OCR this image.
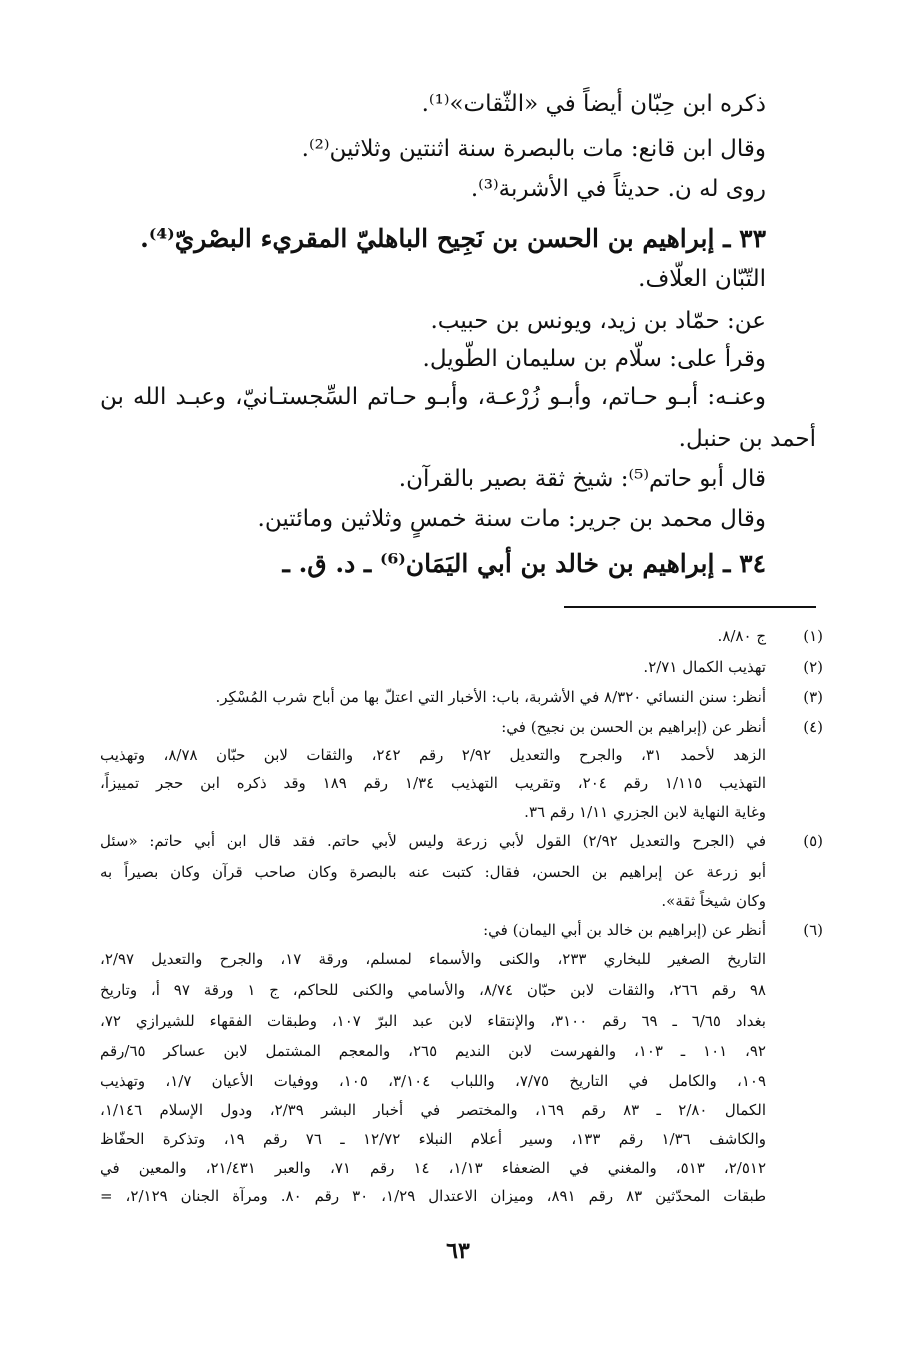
ذكره ابن حِبّان أيضاً في «الثّقات»⁽¹⁾.
وقال ابن قانع: مات بالبصرة سنة اثنتين وثلاثين⁽²⁾.
روى له ن. حديثاً في الأشربة⁽³⁾.
٣٣ ـ إبراهيم بن الحسن بن نَجِيح الباهليّ المقريء البصْريّ⁽⁴⁾.
التّبّان العلّاف.
عن: حمّاد بن زيد، ويونس بن حبيب.
وقرأ على: سلّام بن سليمان الطّويل.
وعنـه: أبـو حـاتم، وأبـو زُرْعـة، وأبـو حـاتم السِّجستـانيّ، وعبـد الله بن
أحمد بن حنبل.
قال أبو حاتم⁽⁵⁾: شيخ ثقة بصير بالقرآن.
وقال محمد بن جرير: مات سنة خمسٍ وثلاثين ومائتين.
٣٤ ـ إبراهيم بن خالد بن أبي اليَمَان⁽⁶⁾ ـ د. ق. ـ
(١)
(٢)
(٣)
(٤)
(٥)
(٦)
ج ٨/٨٠.
تهذيب الكمال ٢/٧١.
أنظر: سنن النسائي ٨/٣٢٠ في الأشربة، باب: الأخبار التي اعتلّ بها من أباح شرب المُسْكِر.
أنظر عن (إبراهيم بن الحسن بن نجيح) في:
الزهد لأحمد ٣١، والجرح والتعديل ٢/٩٢ رقم ٢٤٢، والثقات لابن حبّان ٨/٧٨، وتهذيب
التهذيب ١/١١٥ رقم ٢٠٤، وتقريب التهذيب ١/٣٤ رقم ١٨٩ وقد ذكره ابن حجر تمييزاً،
وغاية النهاية لابن الجزري ١/١١ رقم ٣٦.
في (الجرح والتعديل ٢/٩٢) القول لأبي زرعة وليس لأبي حاتم. فقد قال ابن أبي حاتم: «سئل
أبو زرعة عن إبراهيم بن الحسن، فقال: كتبت عنه بالبصرة وكان صاحب قرآن وكان بصيراً به
وكان شيخاً ثقة».
أنظر عن (إبراهيم بن خالد بن أبي اليمان) في:
التاريخ الصغير للبخاري ٢٣٣، والكنى والأسماء لمسلم، ورقة ١٧، والجرح والتعديل ٢/٩٧،
٩٨ رقم ٢٦٦، والثقات لابن حبّان ٨/٧٤، والأسامي والكنى للحاكم، ج ١ ورقة ٩٧ أ، وتاريخ
بغداد ٦/٦٥ ـ ٦٩ رقم ٣١٠٠، والإنتقاء لابن عبد البرّ ١٠٧، وطبقات الفقهاء للشيرازي ٧٢،
٩٢، ١٠١ ـ ١٠٣، والفهرست لابن النديم ٢٦٥، والمعجم المشتمل لابن عساكر ٦٥/رقم
١٠٩، والكامل في التاريخ ٧/٧٥، واللباب ٣/١٠٤، ١٠٥، ووفيات الأعيان ١/٧، وتهذيب
الكمال ٢/٨٠ ـ ٨٣ رقم ١٦٩، والمختصر في أخبار البشر ٢/٣٩، ودول الإسلام ١/١٤٦،
والكاشف ١/٣٦ رقم ١٣٣، وسير أعلام النبلاء ١٢/٧٢ ـ ٧٦ رقم ١٩، وتذكرة الحفّاظ
٢/٥١٢، ٥١٣، والمغني في الضعفاء ١/١٣، ١٤ رقم ٧١، والعبر ٢١/٤٣١، والمعين في
طبقات المحدّثين ٨٣ رقم ٨٩١، وميزان الاعتدال ١/٢٩، ٣٠ رقم ٨٠. ومرآة الجنان ٢/١٢٩، =
٦٣
